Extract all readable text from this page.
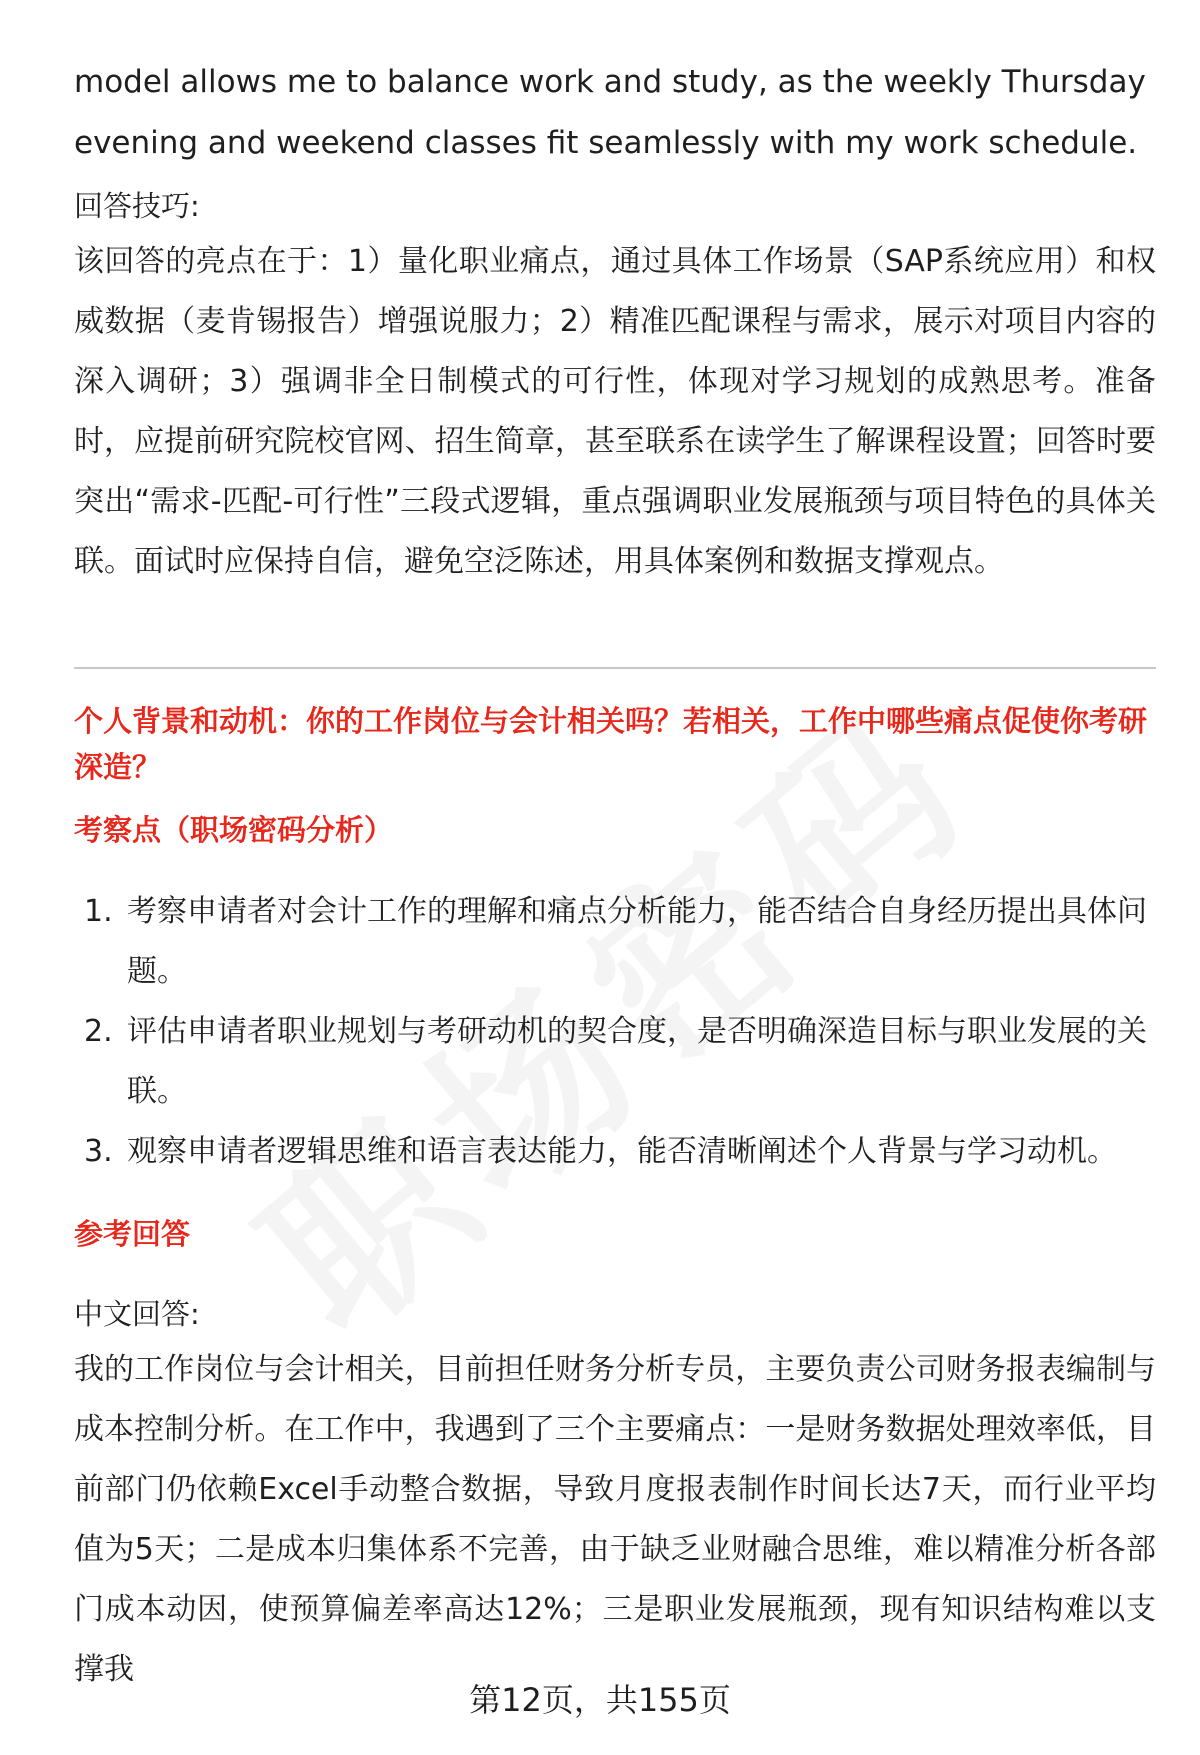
model allows me to balance work and study, as the weekly Thursday evening and weekend classes fit seamlessly with my work schedule.
回答技巧:
该回答的亮点在于：1）量化职业痛点，通过具体工作场景（SAP系统应用）和权威数据（麦肯锡报告）增强说服力；2）精准匹配课程与需求，展示对项目内容的深入调研；3）强调非全日制模式的可行性，体现对学习规划的成熟思考。准备时，应提前研究院校官网、招生简章，甚至联系在读学生了解课程设置；回答时要突出“需求-匹配-可行性”三段式逻辑，重点强调职业发展瓶颈与项目特色的具体关联。面试时应保持自信，避免空泛陈述，用具体案例和数据支撑观点。
个人背景和动机：你的工作岗位与会计相关吗？若相关，工作中哪些痛点促使你考研深造？
考察点（职场密码分析）
1. 考察申请者对会计工作的理解和痛点分析能力，能否结合自身经历提出具体问题。
2. 评估申请者职业规划与考研动机的契合度，是否明确深造目标与职业发展的关联。
3. 观察申请者逻辑思维和语言表达能力，能否清晰阐述个人背景与学习动机。
参考回答
中文回答:
我的工作岗位与会计相关，目前担任财务分析专员，主要负责公司财务报表编制与成本控制分析。在工作中，我遇到了三个主要痛点：一是财务数据处理效率低，目前部门仍依赖Excel手动整合数据，导致月度报表制作时间长达7天，而行业平均值为5天；二是成本归集体系不完善，由于缺乏业财融合思维，难以精准分析各部门成本动因，使预算偏差率高达12%；三是职业发展瓶颈，现有知识结构难以支撑我
第12页，共155页
